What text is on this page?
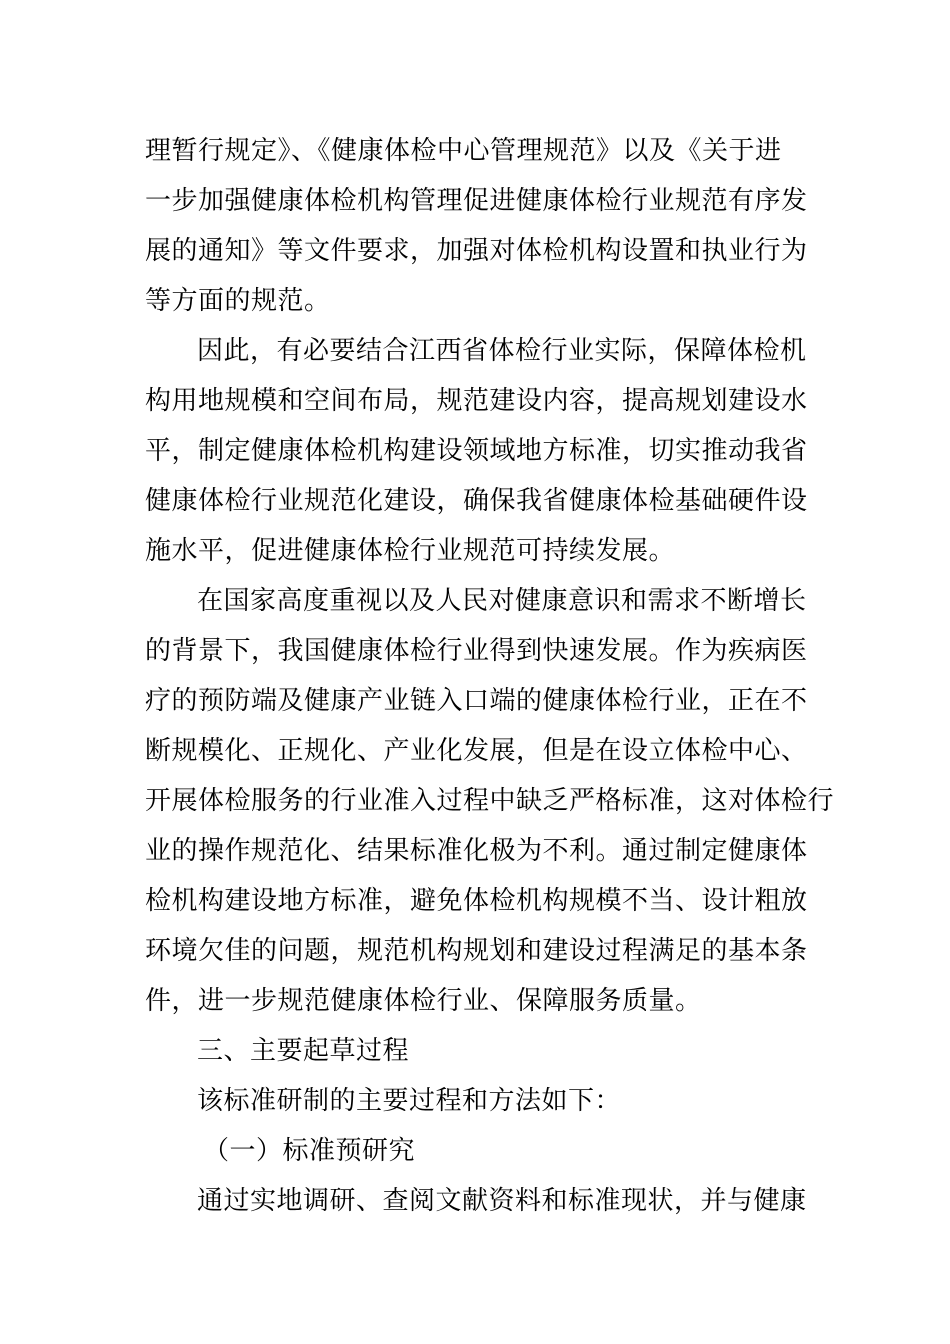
理暂行规定》、《健康体检中心管理规范》以及《关于进
一步加强健康体检机构管理促进健康体检行业规范有序发
展的通知》等文件要求，加强对体检机构设置和执业行为
等方面的规范。
因此，有必要结合江西省体检行业实际，保障体检机
构用地规模和空间布局，规范建设内容，提高规划建设水
平，制定健康体检机构建设领域地方标准，切实推动我省
健康体检行业规范化建设，确保我省健康体检基础硬件设
施水平，促进健康体检行业规范可持续发展。
在国家高度重视以及人民对健康意识和需求不断增长
的背景下，我国健康体检行业得到快速发展。作为疾病医
疗的预防端及健康产业链入口端的健康体检行业，正在不
断规模化、正规化、产业化发展，但是在设立体检中心、
开展体检服务的行业准入过程中缺乏严格标准，这对体检行
业的操作规范化、结果标准化极为不利。通过制定健康体
检机构建设地方标准，避免体检机构规模不当、设计粗放
环境欠佳的问题，规范机构规划和建设过程满足的基本条
件，进一步规范健康体检行业、保障服务质量。
三、主要起草过程
该标准研制的主要过程和方法如下：
（一）标准预研究
通过实地调研、查阅文献资料和标准现状，并与健康
